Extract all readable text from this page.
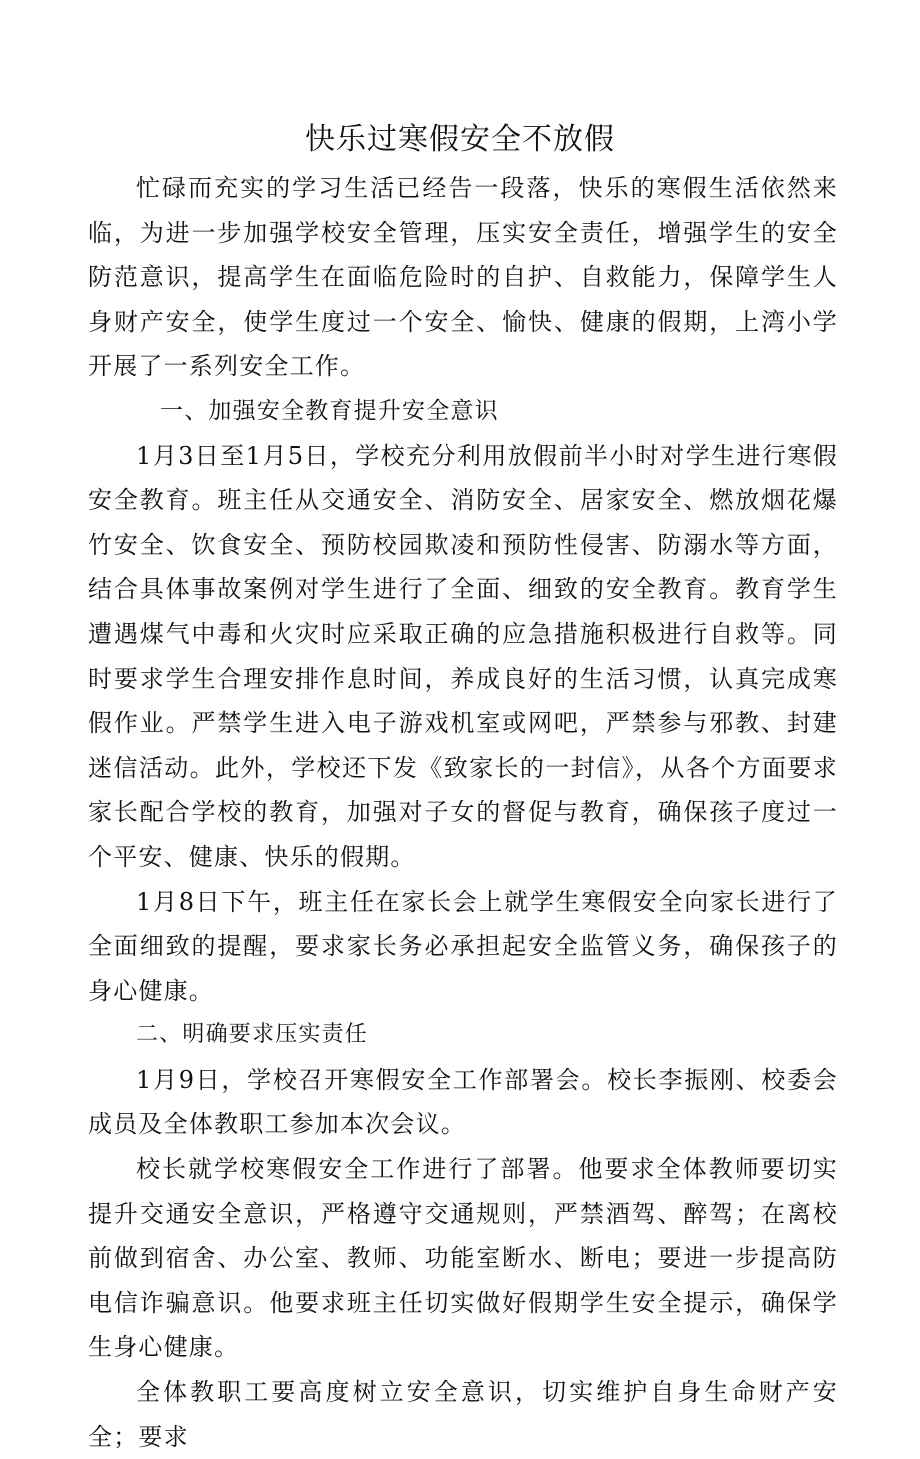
快乐过寒假安全不放假

忙碌而充实的学习生活已经告一段落，快乐的寒假生活依然来临，为进一步加强学校安全管理，压实安全责任，增强学生的安全防范意识，提高学生在面临危险时的自护、自救能力，保障学生人身财产安全，使学生度过一个安全、愉快、健康的假期，上湾小学开展了一系列安全工作。

一、加强安全教育提升安全意识

1月3日至1月5日，学校充分利用放假前半小时对学生进行寒假安全教育。班主任从交通安全、消防安全、居家安全、燃放烟花爆竹安全、饮食安全、预防校园欺凌和预防性侵害、防溺水等方面，结合具体事故案例对学生进行了全面、细致的安全教育。教育学生遭遇煤气中毒和火灾时应采取正确的应急措施积极进行自救等。同时要求学生合理安排作息时间，养成良好的生活习惯，认真完成寒假作业。严禁学生进入电子游戏机室或网吧，严禁参与邪教、封建迷信活动。此外，学校还下发《致家长的一封信》，从各个方面要求家长配合学校的教育，加强对子女的督促与教育，确保孩子度过一个平安、健康、快乐的假期。

1月8日下午，班主任在家长会上就学生寒假安全向家长进行了全面细致的提醒，要求家长务必承担起安全监管义务，确保孩子的身心健康。

二、明确要求压实责任

1月9日，学校召开寒假安全工作部署会。校长李振刚、校委会成员及全体教职工参加本次会议。

校长就学校寒假安全工作进行了部署。他要求全体教师要切实提升交通安全意识，严格遵守交通规则，严禁酒驾、醉驾；在离校前做到宿舍、办公室、教师、功能室断水、断电；要进一步提高防电信诈骗意识。他要求班主任切实做好假期学生安全提示，确保学生身心健康。

全体教职工要高度树立安全意识，切实维护自身生命财产安全；要求
